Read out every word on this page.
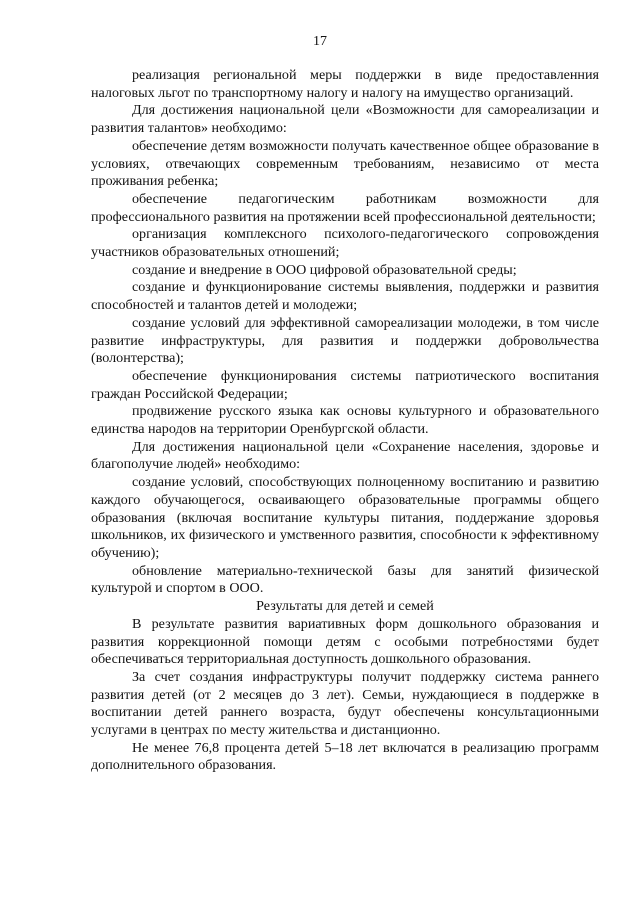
17

реализация региональной меры поддержки в виде предоставленния налоговых льгот по транспортному налогу и налогу на имущество организаций.

Для достижения национальной цели «Возможности для самореализации и развития талантов» необходимо:

обеспечение детям возможности получать качественное общее образование в условиях, отвечающих современным требованиям, независимо от места проживания ребенка;

обеспечение педагогическим работникам возможности для профессионального развития на протяжении всей профессиональной деятельности;

организация комплексного психолого-педагогического сопровождения участников образовательных отношений;

создание и внедрение в ООО цифровой образовательной среды;

создание и функционирование системы выявления, поддержки и развития способностей и талантов детей и молодежи;

создание условий для эффективной самореализации молодежи, в том числе развитие инфраструктуры, для развития и поддержки добровольчества (волонтерства);

обеспечение функционирования системы патриотического воспитания граждан Российской Федерации;

продвижение русского языка как основы культурного и образовательного единства народов на территории Оренбургской области.

Для достижения национальной цели «Сохранение населения, здоровье и благополучие людей» необходимо:

создание условий, способствующих полноценному воспитанию и развитию каждого обучающегося, осваивающего образовательные программы общего образования (включая воспитание культуры питания, поддержание здоровья школьников, их физического и умственного развития, способности к эффективному обучению);

обновление материально-технической базы для занятий физической культурой и спортом в ООО.

Результаты для детей и семей

В результате развития вариативных форм дошкольного образования и развития коррекционной помощи детям с особыми потребностями будет обеспечиваться территориальная доступность дошкольного образования.

За счет создания инфраструктуры получит поддержку система раннего развития детей (от 2 месяцев до 3 лет). Семьи, нуждающиеся в поддержке в воспитании детей раннего возраста, будут обеспечены консультационными услугами в центрах по месту жительства и дистанционно.

Не менее 76,8 процента детей 5–18 лет включатся в реализацию программ дополнительного образования.
